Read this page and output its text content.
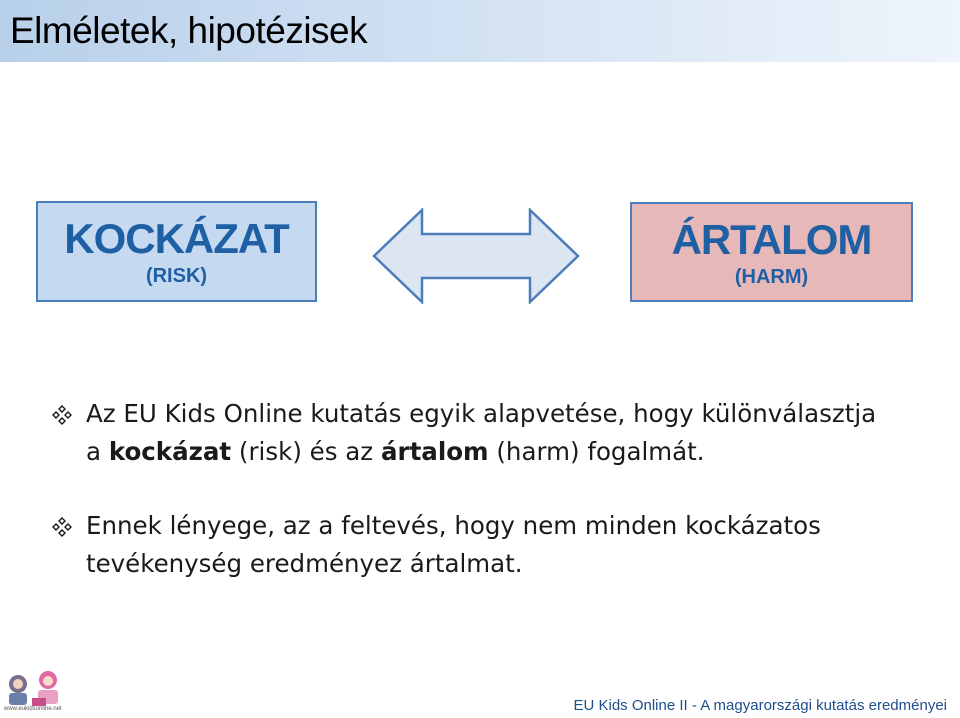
Elméletek, hipotézisek
KOCKÁZAT
(RISK)
ÁRTALOM
(HARM)
Az EU Kids Online kutatás egyik alapvetése, hogy különválasztja
a kockázat (risk) és az ártalom (harm) fogalmát.
Ennek lényege, az a feltevés, hogy nem minden kockázatos
tevékenység eredményez ártalmat.
www.eukidsonline.net	EU Kids Online II - A magyarországi kutatás eredményei
